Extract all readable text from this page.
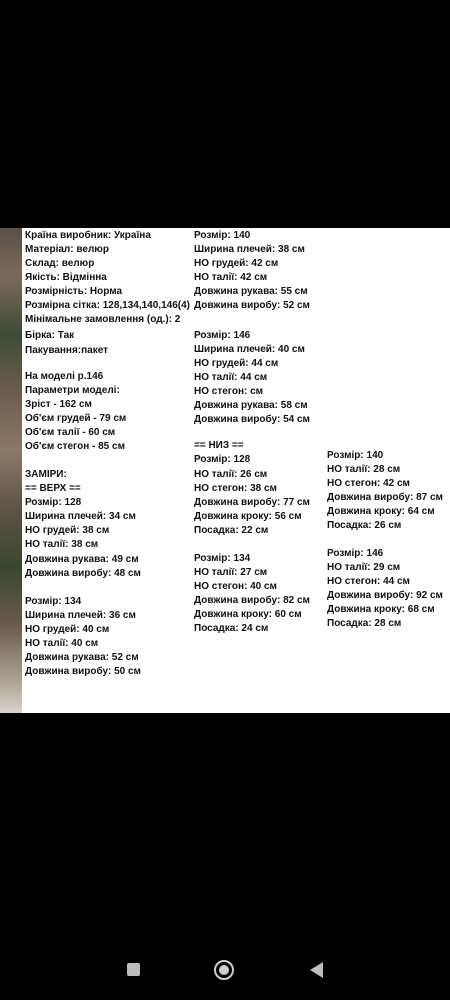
Країна виробник: Україна
Матеріал: велюр
Склад: велюр
Якість: Відмінна
Розмірність: Норма
Розмірна сітка: 128,134,140,146(4)
Мінімальне замовлення (од.): 2
Бірка: Так
Пакування:пакет
На моделі р.146
Параметри моделі:
Зріст - 162 см
Об'єм грудей - 79 см
Об'єм талії - 60 см
Об'єм стегон - 85 см
ЗАМІРИ:
== ВЕРХ ==
Розмір: 128
Ширина плечей: 34 см
НО грудей: 38 см
НО талії: 38 см
Довжина рукава: 49 см
Довжина виробу: 48 см
Розмір: 134
Ширина плечей: 36 см
НО грудей: 40 см
НО талії: 40 см
Довжина рукава: 52 см
Довжина виробу: 50 см
Розмір: 140
Ширина плечей: 38 см
НО грудей: 42 см
НО талії: 42 см
Довжина рукава: 55 см
Довжина виробу: 52 см
Розмір: 146
Ширина плечей: 40 см
НО грудей: 44 см
НО талії: 44 см
НО стегон: см
Довжина рукава: 58 см
Довжина виробу: 54 см
== НИЗ ==
Розмір: 128
НО талії: 26 см
НО стегон: 38 см
Довжина виробу: 77 см
Довжина кроку: 56 см
Посадка: 22 см
Розмір: 134
НО талії: 27 см
НО стегон: 40 см
Довжина виробу: 82 см
Довжина кроку: 60 см
Посадка: 24 см
Розмір: 140
НО талії: 28 см
НО стегон: 42 см
Довжина виробу: 87 см
Довжина кроку: 64 см
Посадка: 26 см
Розмір: 146
НО талії: 29 см
НО стегон: 44 см
Довжина виробу: 92 см
Довжина кроку: 68 см
Посадка: 28 см
